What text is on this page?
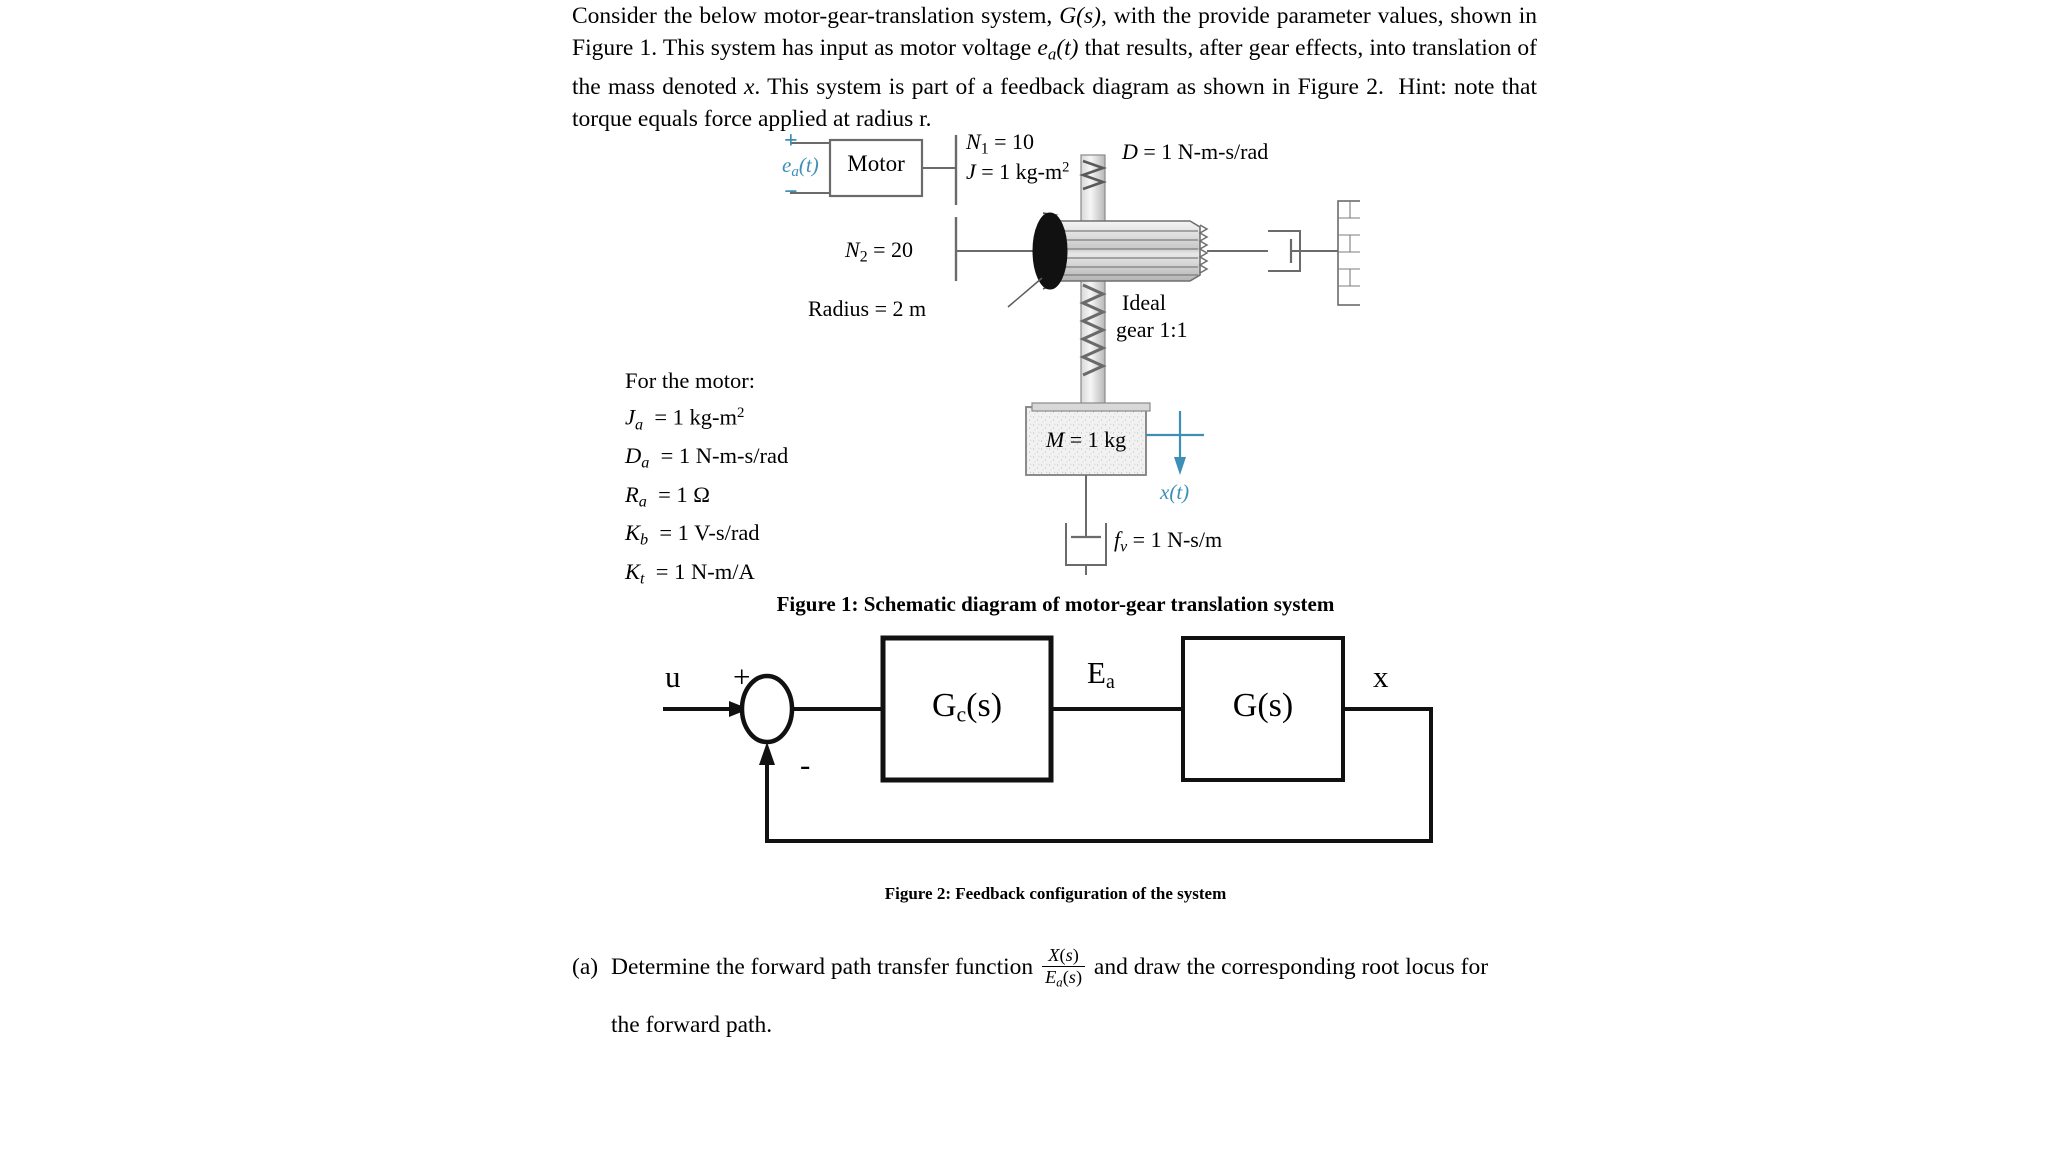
Consider the below motor-gear-translation system, G(s), with the provide parameter values, shown in Figure 1. This system has input as motor voltage $e_a(t)$ that results, after gear effects, into translation of the mass denoted x. This system is part of a feedback diagram as shown in Figure 2.  Hint: note that torque equals force applied at radius r.

+
−
$e_a(t)$	Motor
$N_1 = 10$
J = 1 $kg-m^2$
$N_2 = 20$
Radius = 2 m
D = 1 N-m-s/rad
Ideal
gear 1:1
M = 1 kg
x(t)
$f_v = 1$ N-s/m
For the motor:
$J_a = 1$ $kg-m^2$
$D_a = 1$ N-m-s/rad
$R_a = 1$ Ω
$K_b = 1$ V-s/rad
$K_t = 1$ N-m/A
Figure 1: Schematic diagram of motor-gear translation system
u +
-
Gc(s)
Ea
G(s)
x
Figure 2: Feedback configuration of the system
(a) Determine the forward path transfer function $\frac{X(s)}{Ea(s)}$ and draw the corresponding root locus for
the forward path.
